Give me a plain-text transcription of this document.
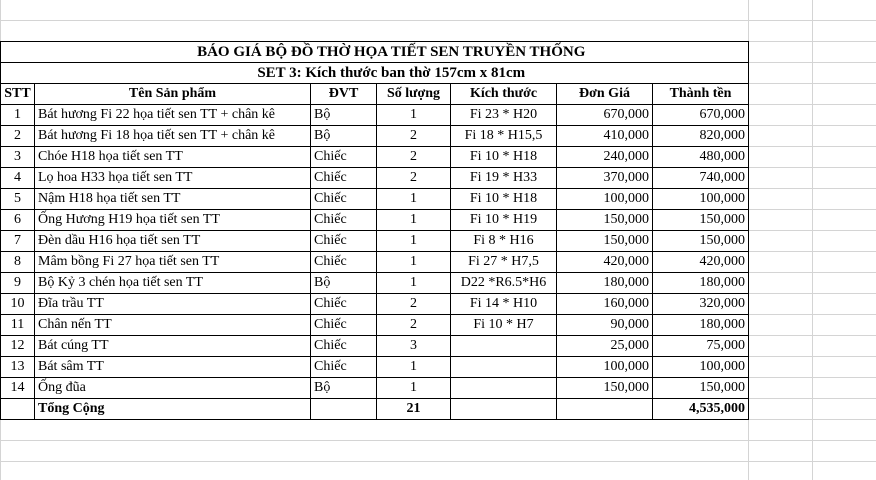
	BÁO GIÁ BỘ ĐỒ THỜ HỌA TIẾT SEN TRUYỀN THỐNG					
	SET 3: Kích thước ban thờ 157cm x 81cm					
STT	Tên Sản phẩm	ĐVT	Số lượng	Kích thước	Đơn Giá	Thành tền
1	Bát hương Fi 22 họa tiết sen TT + chân kê	Bộ	1	Fi 23 * H20	670,000	670,000
2	Bát hương Fi 18 họa tiết sen TT + chân kê	Bộ	2	Fi 18 * H15,5	410,000	820,000
3	Chóe H18 họa tiết sen TT	Chiếc	2	Fi 10 * H18	240,000	480,000
4	Lọ hoa H33 họa tiết sen TT	Chiếc	2	Fi 19 * H33	370,000	740,000
5	Nậm H18 họa tiết sen TT	Chiếc	1	Fi 10 * H18	100,000	100,000
6	Ống Hương H19 họa tiết sen TT	Chiếc	1	Fi 10 * H19	150,000	150,000
7	Đèn dầu H16 họa tiết sen TT	Chiếc	1	Fi 8 * H16	150,000	150,000
8	Mâm bồng Fi 27 họa tiết sen TT	Chiếc	1	Fi 27 * H7,5	420,000	420,000
9	Bộ Kỷ 3 chén họa tiết sen TT	Bộ	1	D22 *R6.5*H6	180,000	180,000
10	Đĩa trầu TT	Chiếc	2	Fi 14 * H10	160,000	320,000
11	Chân nến TT	Chiếc	2	Fi 10 * H7	90,000	180,000
12	Bát cúng TT	Chiếc	3		25,000	75,000
13	Bát sâm TT	Chiếc	1		100,000	100,000
14	Ống đũa	Bộ	1		150,000	150,000
	Tổng Cộng		21			4,535,000
